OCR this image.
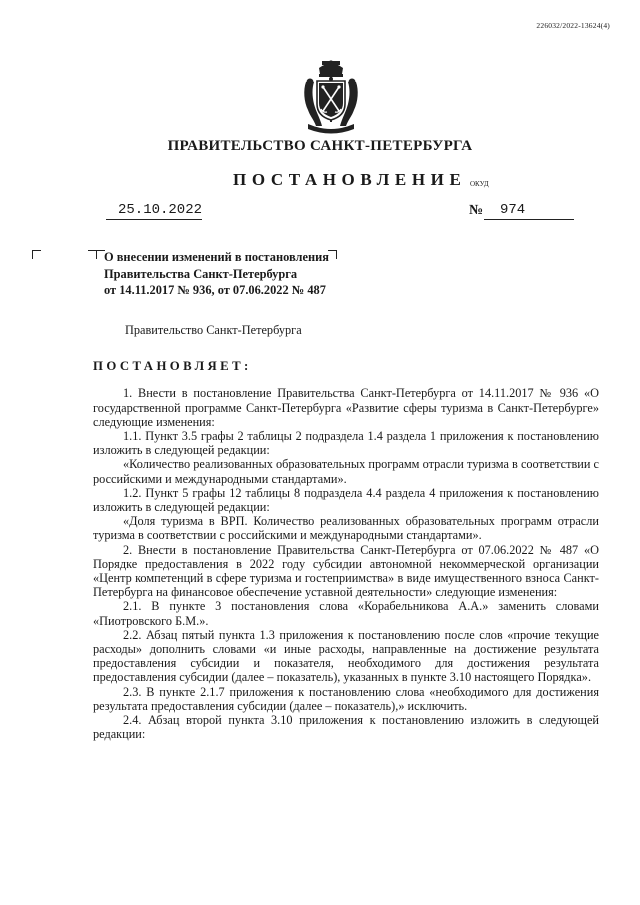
226032/2022-13624(4)
ПРАВИТЕЛЬСТВО САНКТ-ПЕТЕРБУРГА
ПОСТАНОВЛЕНИЕ ОКУД
25.10.2022	№ 974
О внесении изменений в постановления
Правительства Санкт-Петербурга
от 14.11.2017 № 936, от 07.06.2022 № 487

Правительство Санкт-Петербурга

ПОСТАНОВЛЯЕТ:

1. Внести в постановление Правительства Санкт-Петербурга от 14.11.2017 № 936 «О государственной программе Санкт-Петербурга «Развитие сферы туризма в Санкт-Петербурге» следующие изменения:

1.1. Пункт 3.5 графы 2 таблицы 2 подраздела 1.4 раздела 1 приложения к постановлению изложить в следующей редакции:

«Количество реализованных образовательных программ отрасли туризма в соответствии с российскими и международными стандартами».

1.2. Пункт 5 графы 12 таблицы 8 подраздела 4.4 раздела 4 приложения к постановлению изложить в следующей редакции:

«Доля туризма в ВРП. Количество реализованных образовательных программ отрасли туризма в соответствии с российскими и международными стандартами».

2. Внести в постановление Правительства Санкт-Петербурга от 07.06.2022 № 487 «О Порядке предоставления в 2022 году субсидии автономной некоммерческой организации «Центр компетенций в сфере туризма и гостеприимства» в виде имущественного взноса Санкт-Петербурга на финансовое обеспечение уставной деятельности» следующие изменения:

2.1. В пункте 3 постановления слова «Корабельникова А.А.» заменить словами «Пиотровского Б.М.».

2.2. Абзац пятый пункта 1.3 приложения к постановлению после слов «прочие текущие расходы» дополнить словами «и иные расходы, направленные на достижение результата предоставления субсидии и показателя, необходимого для достижения результата предоставления субсидии (далее – показатель), указанных в пункте 3.10 настоящего Порядка».

2.3. В пункте 2.1.7 приложения к постановлению слова «необходимого для достижения результата предоставления субсидии (далее – показатель),» исключить.

2.4. Абзац второй пункта 3.10 приложения к постановлению изложить в следующей редакции:
